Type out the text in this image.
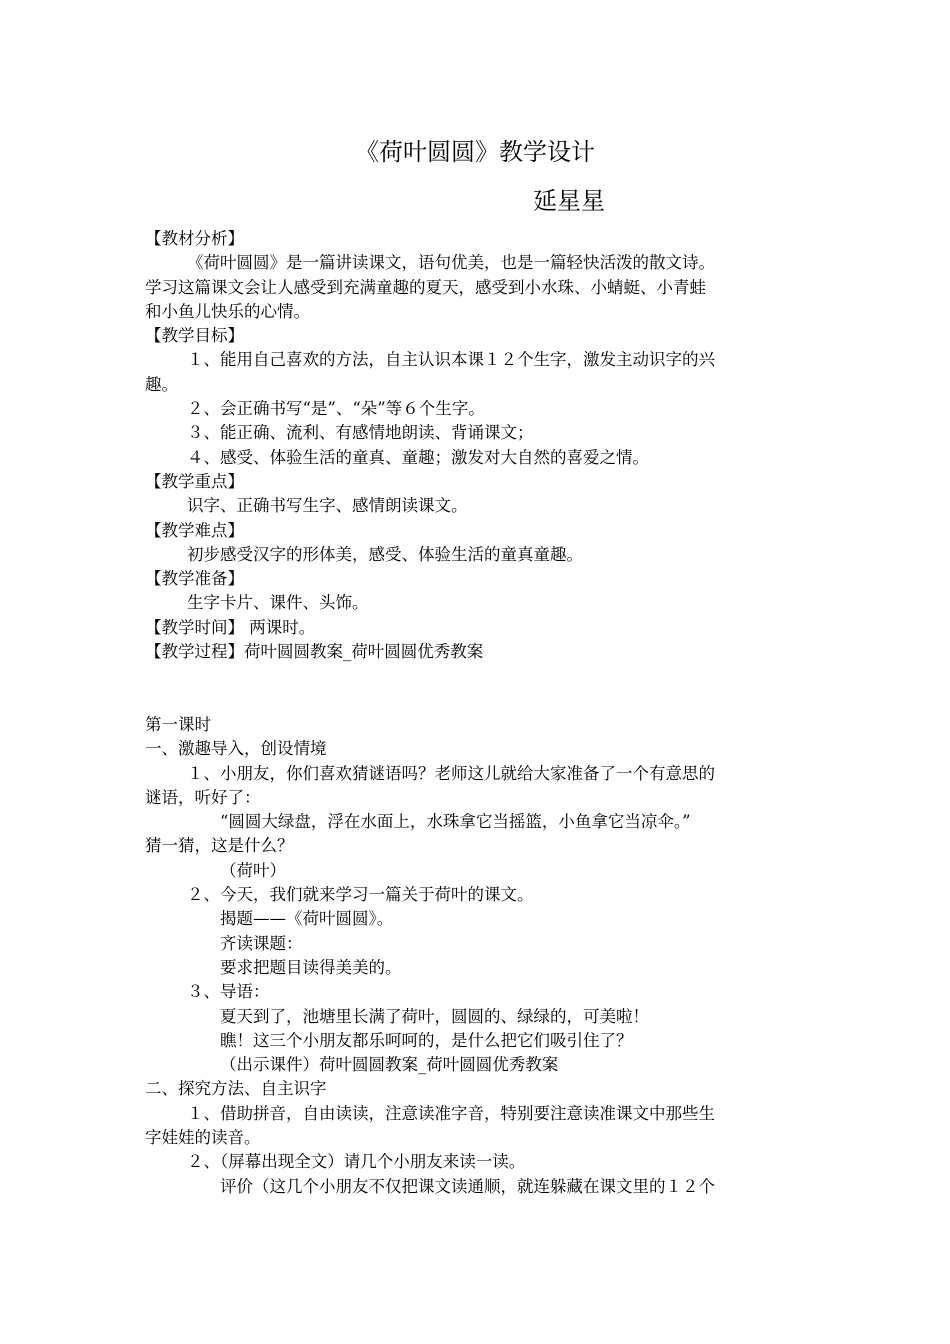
《荷叶圆圆》教学设计
延星星
【教材分析】
《荷叶圆圆》是一篇讲读课文，语句优美，也是一篇轻快活泼的散文诗。
学习这篇课文会让人感受到充满童趣的夏天，感受到小水珠、小蜻蜓、小青蛙
和小鱼儿快乐的心情。
【教学目标】
１、能用自己喜欢的方法，自主认识本课１２个生字，激发主动识字的兴
趣。
２、会正确书写“是”、“朵”等６个生字。
３、能正确、流利、有感情地朗读、背诵课文；
４、感受、体验生活的童真、童趣；激发对大自然的喜爱之情。
【教学重点】
识字、正确书写生字、感情朗读课文。
【教学难点】
初步感受汉字的形体美，感受、体验生活的童真童趣。
【教学准备】
生字卡片、课件、头饰。
【教学时间】 两课时。
【教学过程】荷叶圆圆教案_荷叶圆圆优秀教案
第一课时
一、激趣导入，创设情境
１、小朋友，你们喜欢猜谜语吗？老师这儿就给大家准备了一个有意思的
谜语，听好了：
“圆圆大绿盘，浮在水面上，水珠拿它当摇篮，小鱼拿它当凉伞。”
猜一猜，这是什么？
（荷叶）
２、今天，我们就来学习一篇关于荷叶的课文。
揭题——《荷叶圆圆》。
齐读课题：
要求把题目读得美美的。
３、导语：
夏天到了，池塘里长满了荷叶，圆圆的、绿绿的，可美啦！
瞧！这三个小朋友都乐呵呵的，是什么把它们吸引住了？
（出示课件）荷叶圆圆教案_荷叶圆圆优秀教案
二、探究方法、自主识字
１、借助拼音，自由读读，注意读准字音，特别要注意读准课文中那些生
字娃娃的读音。
２、（屏幕出现全文）请几个小朋友来读一读。
评价（这几个小朋友不仅把课文读通顺，就连躲藏在课文里的１２个
